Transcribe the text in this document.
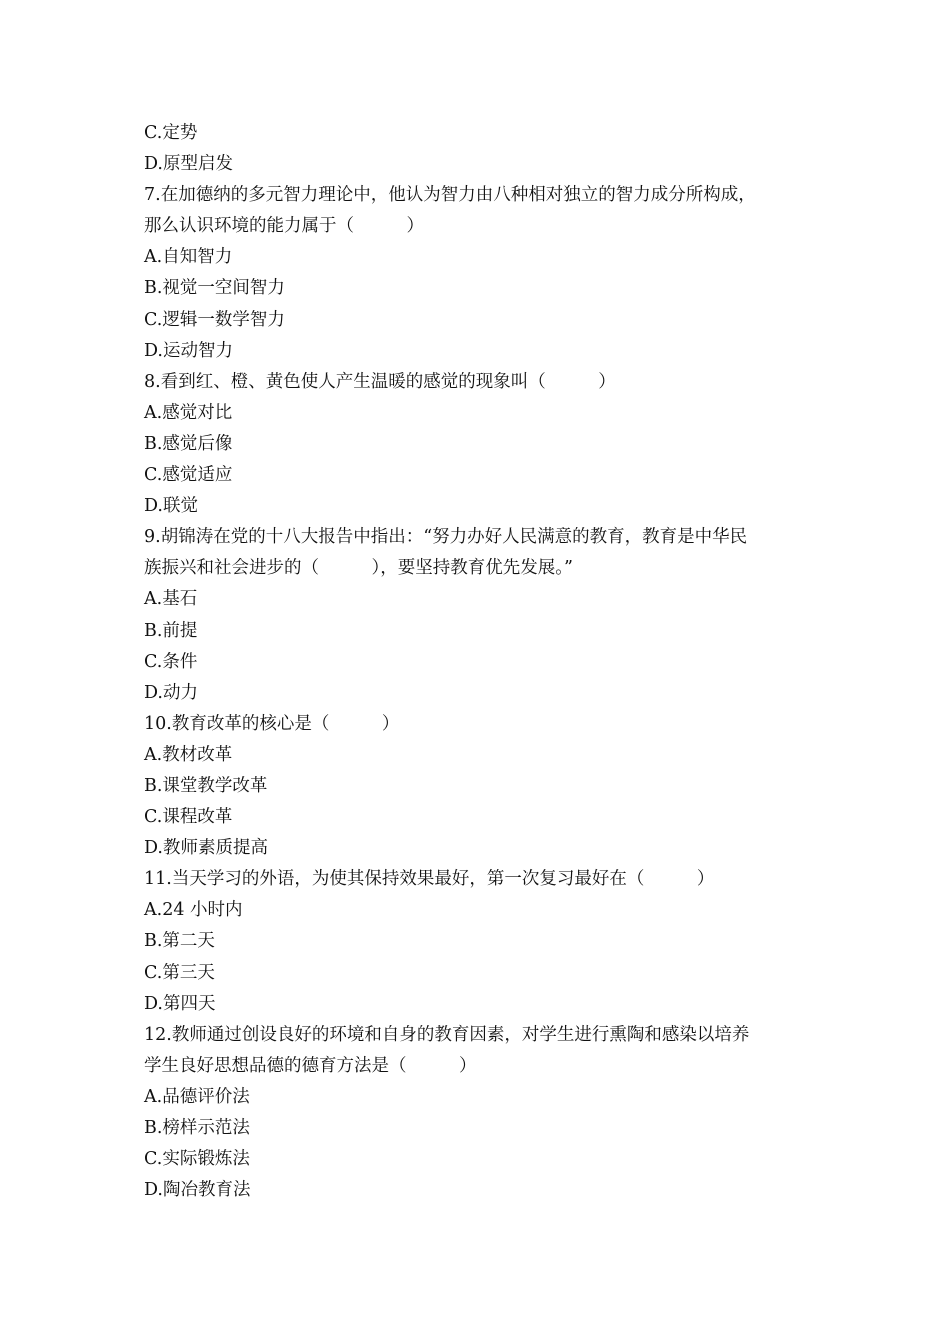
C.定势
D.原型启发
7.在加德纳的多元智力理论中，他认为智力由八种相对独立的智力成分所构成，
那么认识环境的能力属于（　　　）
A.自知智力
B.视觉一空间智力
C.逻辑一数学智力
D.运动智力
8.看到红、橙、黄色使人产生温暖的感觉的现象叫（　　　）
A.感觉对比
B.感觉后像
C.感觉适应
D.联觉
9.胡锦涛在党的十八大报告中指出：“努力办好人民满意的教育，教育是中华民
族振兴和社会进步的（　　　），要坚持教育优先发展。”
A.基石
B.前提
C.条件
D.动力
10.教育改革的核心是（　　　）
A.教材改革
B.课堂教学改革
C.课程改革
D.教师素质提高
11.当天学习的外语，为使其保持效果最好，第一次复习最好在（　　　）
A.24 小时内
B.第二天
C.第三天
D.第四天
12.教师通过创设良好的环境和自身的教育因素，对学生进行熏陶和感染以培养
学生良好思想品德的德育方法是（　　　）
A.品德评价法
B.榜样示范法
C.实际锻炼法
D.陶冶教育法
